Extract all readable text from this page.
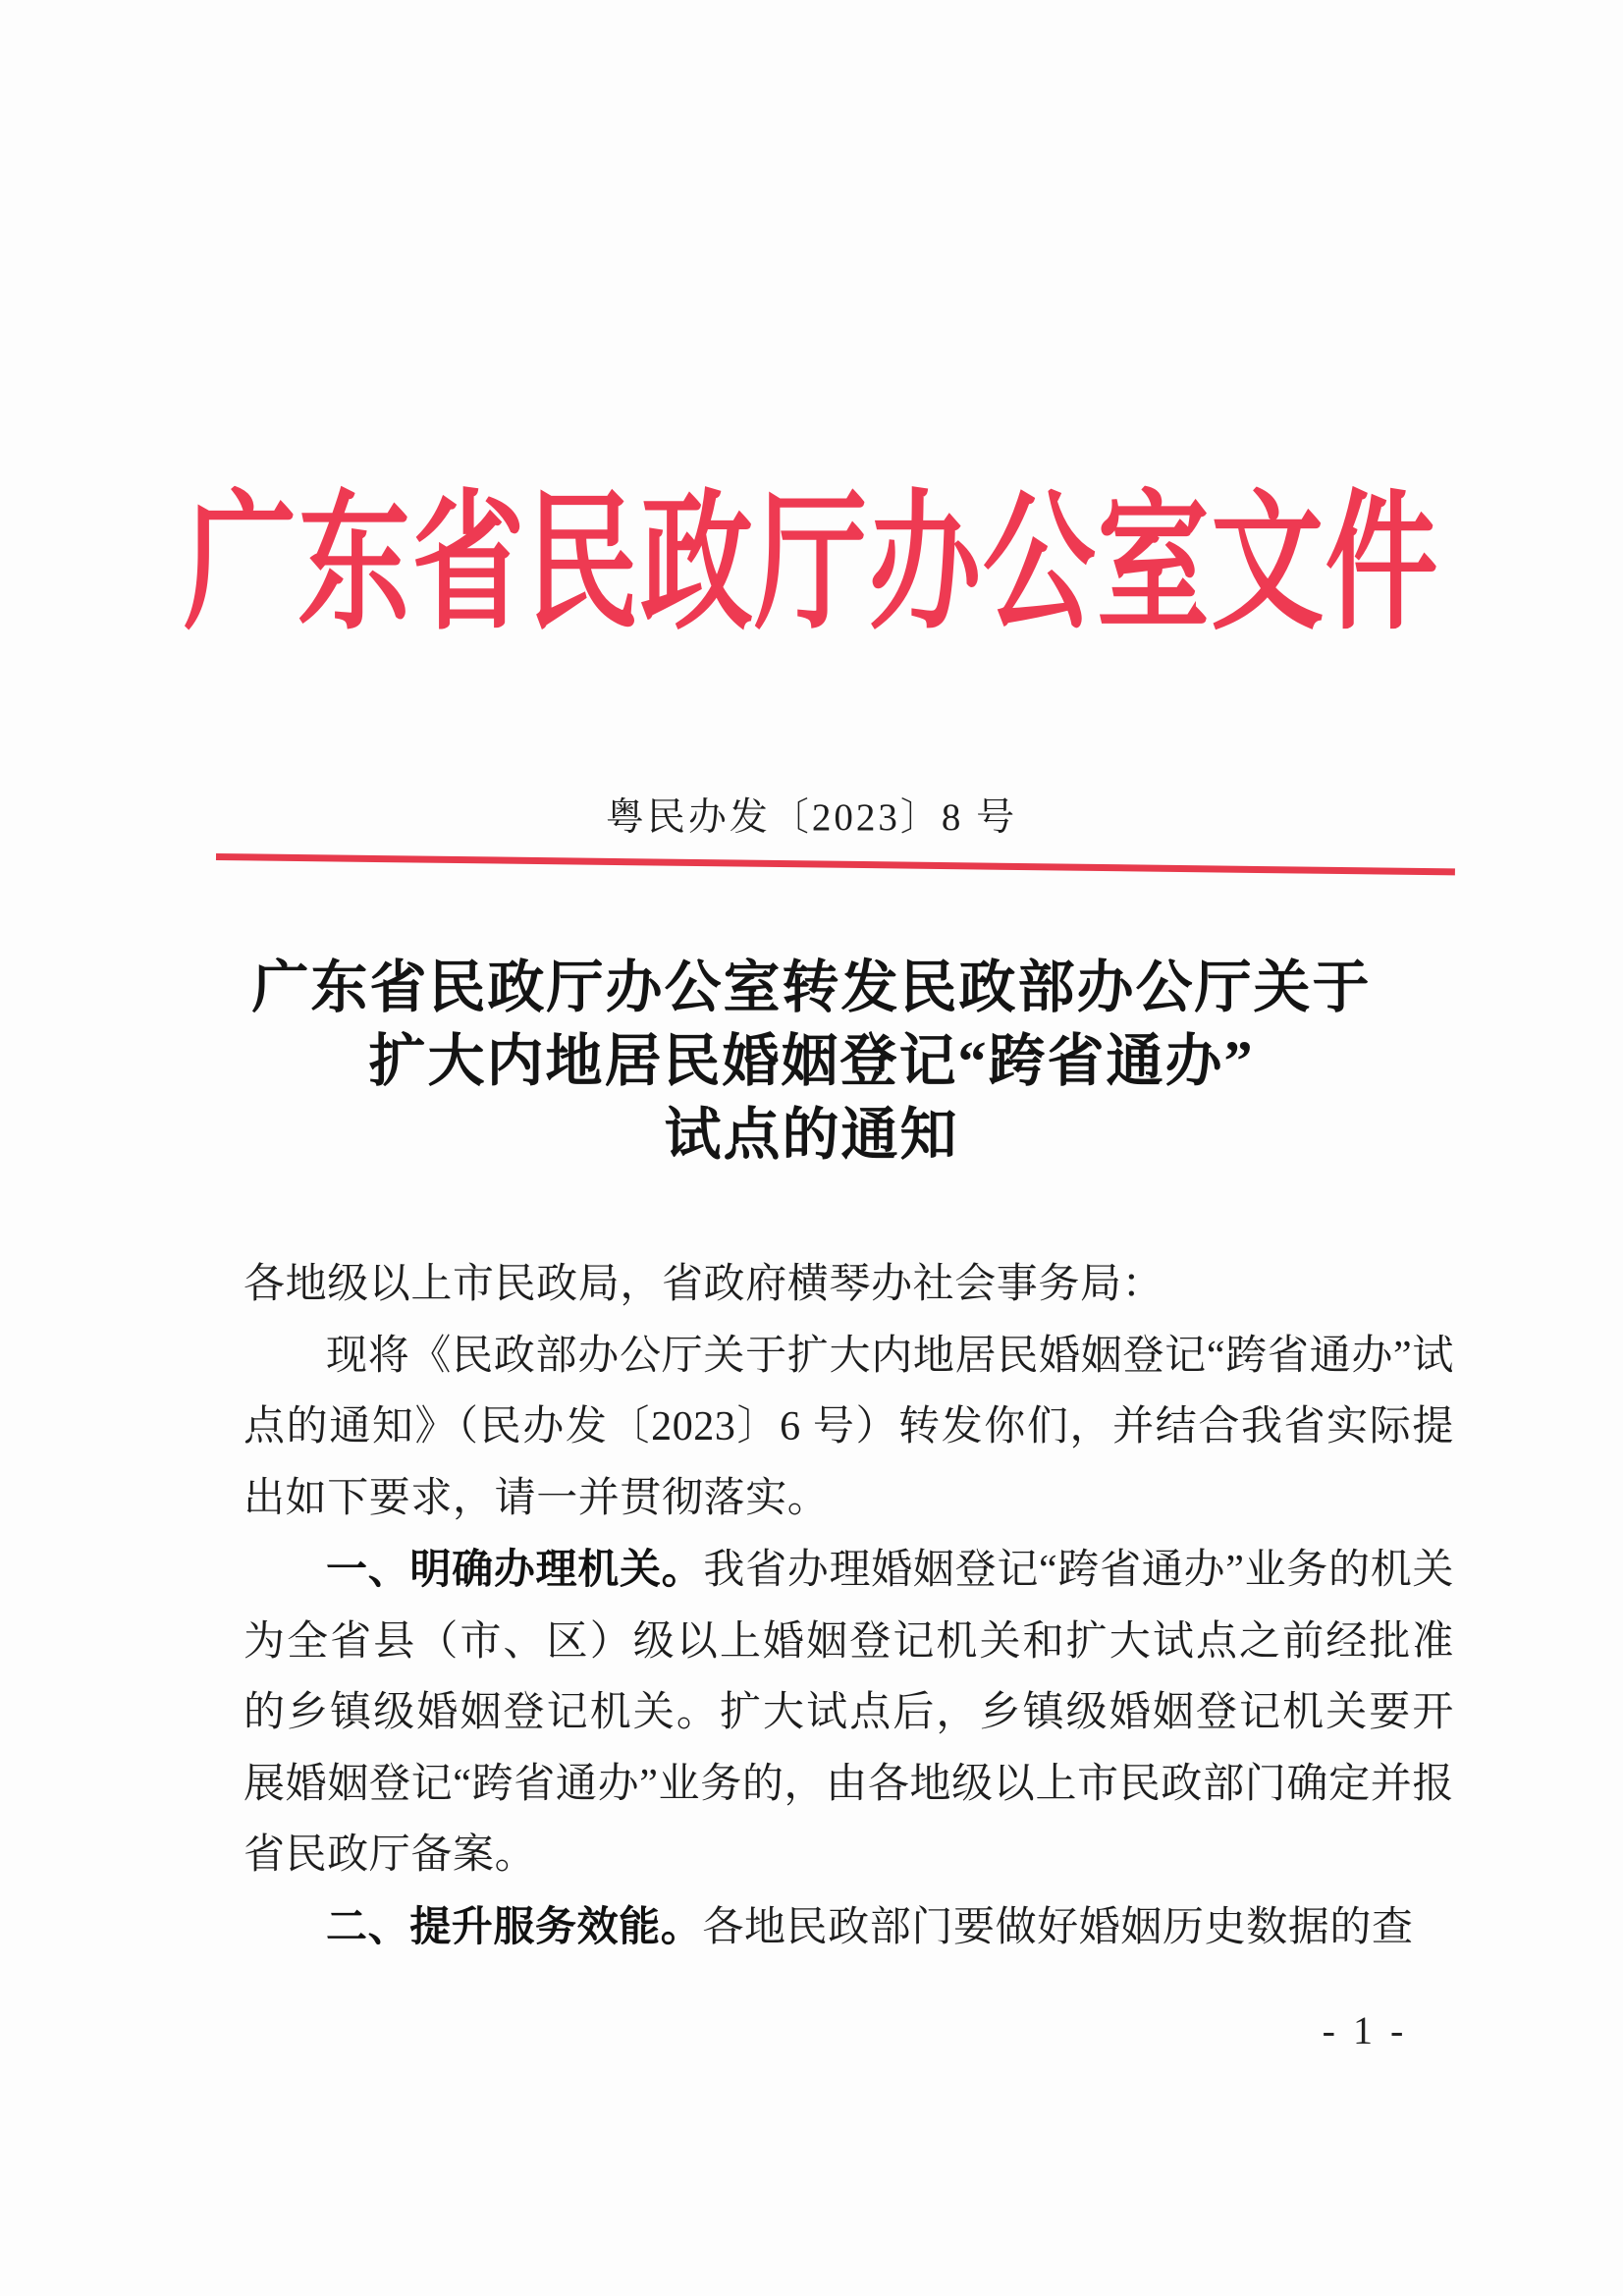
广东省民政厅办公室文件
粤民办发〔2023〕8 号
广东省民政厅办公室转发民政部办公厅关于
扩大内地居民婚姻登记“跨省通办”
试点的通知

各地级以上市民政局，省政府横琴办社会事务局：

现将《民政部办公厅关于扩大内地居民婚姻登记“跨省通办”试点的通知》（民办发〔2023〕6 号）转发你们，并结合我省实际提出如下要求，请一并贯彻落实。

一、明确办理机关。我省办理婚姻登记“跨省通办”业务的机关为全省县（市、区）级以上婚姻登记机关和扩大试点之前经批准的乡镇级婚姻登记机关。扩大试点后，乡镇级婚姻登记机关要开展婚姻登记“跨省通办”业务的，由各地级以上市民政部门确定并报省民政厅备案。

二、提升服务效能。各地民政部门要做好婚姻历史数据的查

- 1 -
